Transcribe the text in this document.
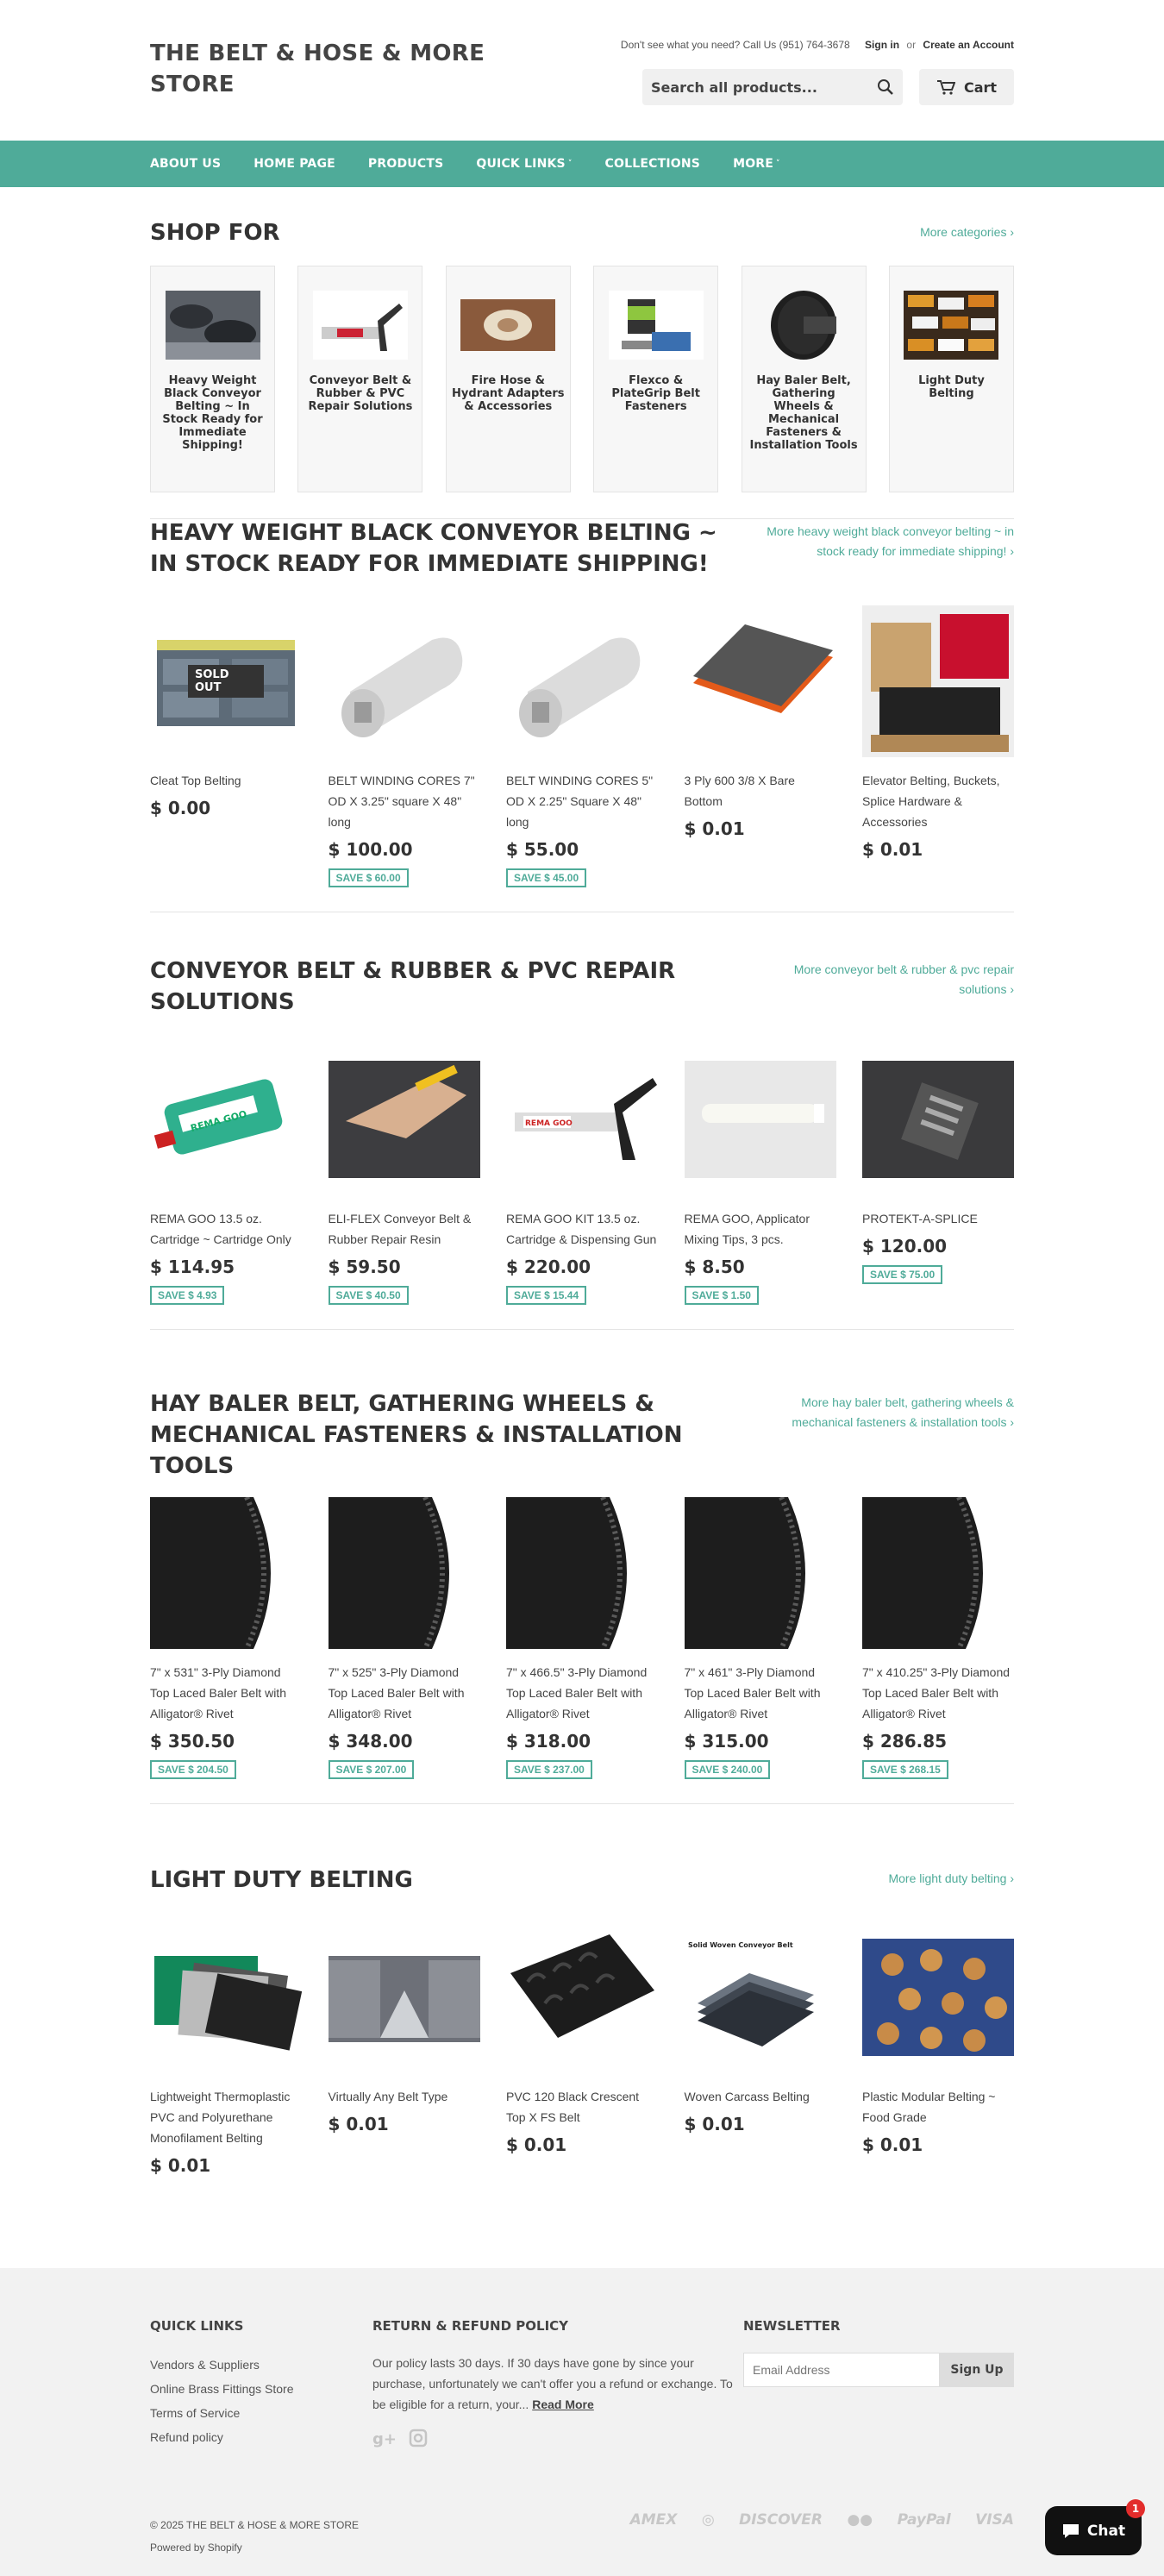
THE BELT & HOSE & MORE STORE
Don't see what you need? Call Us (951) 764-3678 Sign in or Create an Account
Search all products...
Cart
ABOUT US	HOME PAGE	PRODUCTS	QUICK LINKS ˅	COLLECTIONS	MORE ˅
SHOP FOR	More categories ›
Heavy Weight Black Conveyor Belting ~ In Stock Ready for Immediate Shipping!
Conveyor Belt & Rubber & PVC Repair Solutions
Fire Hose & Hydrant Adapters & Accessories
Flexco & PlateGrip Belt Fasteners
Hay Baler Belt, Gathering Wheels & Mechanical Fasteners & Installation Tools
Light Duty Belting
HEAVY WEIGHT BLACK CONVEYOR BELTING ~ IN STOCK READY FOR IMMEDIATE SHIPPING!
More heavy weight black conveyor belting ~ in stock ready for immediate shipping! ›
SOLD OUT
Cleat Top Belting
$ 0.00
BELT WINDING CORES 7" OD X 3.25" square X 48" long
$ 100.00
SAVE $ 60.00
BELT WINDING CORES 5" OD X 2.25" Square X 48" long
$ 55.00
SAVE $ 45.00
3 Ply 600 3/8 X Bare Bottom
$ 0.01
Elevator Belting, Buckets, Splice Hardware & Accessories
$ 0.01
CONVEYOR BELT & RUBBER & PVC REPAIR SOLUTIONS
More conveyor belt & rubber & pvc repair solutions ›
REMA GOO
REMA GOO 13.5 oz. Cartridge ~ Cartridge Only
$ 114.95
SAVE $ 4.93
ELI-FLEX Conveyor Belt & Rubber Repair Resin
$ 59.50
SAVE $ 40.50
REMA GOO
REMA GOO KIT 13.5 oz. Cartridge & Dispensing Gun
$ 220.00
SAVE $ 15.44
REMA GOO, Applicator Mixing Tips, 3 pcs.
$ 8.50
SAVE $ 1.50
PROTEKT-A-SPLICE
$ 120.00
SAVE $ 75.00
HAY BALER BELT, GATHERING WHEELS & MECHANICAL FASTENERS & INSTALLATION TOOLS
More hay baler belt, gathering wheels & mechanical fasteners & installation tools ›
7" x 531" 3-Ply Diamond Top Laced Baler Belt with Alligator® Rivet
$ 350.50
SAVE $ 204.50
7" x 525" 3-Ply Diamond Top Laced Baler Belt with Alligator® Rivet
$ 348.00
SAVE $ 207.00
7" x 466.5" 3-Ply Diamond Top Laced Baler Belt with Alligator® Rivet
$ 318.00
SAVE $ 237.00
7" x 461" 3-Ply Diamond Top Laced Baler Belt with Alligator® Rivet
$ 315.00
SAVE $ 240.00
7" x 410.25" 3-Ply Diamond Top Laced Baler Belt with Alligator® Rivet
$ 286.85
SAVE $ 268.15
LIGHT DUTY BELTING	More light duty belting ›
Lightweight Thermoplastic PVC and Polyurethane Monofilament Belting
$ 0.01
Virtually Any Belt Type
$ 0.01
PVC 120 Black Crescent Top X FS Belt
$ 0.01
Solid Woven Conveyor Belt
Woven Carcass Belting
$ 0.01
Plastic Modular Belting ~ Food Grade
$ 0.01
QUICK LINKS
Vendors & Suppliers
Online Brass Fittings Store
Terms of Service
Refund policy
RETURN & REFUND POLICY

Our policy lasts 30 days. If 30 days have gone by since your purchase, unfortunately we can't offer you a refund or exchange. To be eligible for a return, your... Read More

g+
NEWSLETTER
Email Address
Sign Up
© 2025 THE BELT & HOSE & MORE STORE
Powered by Shopify
AMEX ◎ DISCOVER ●● PayPal VISA
Chat
1
